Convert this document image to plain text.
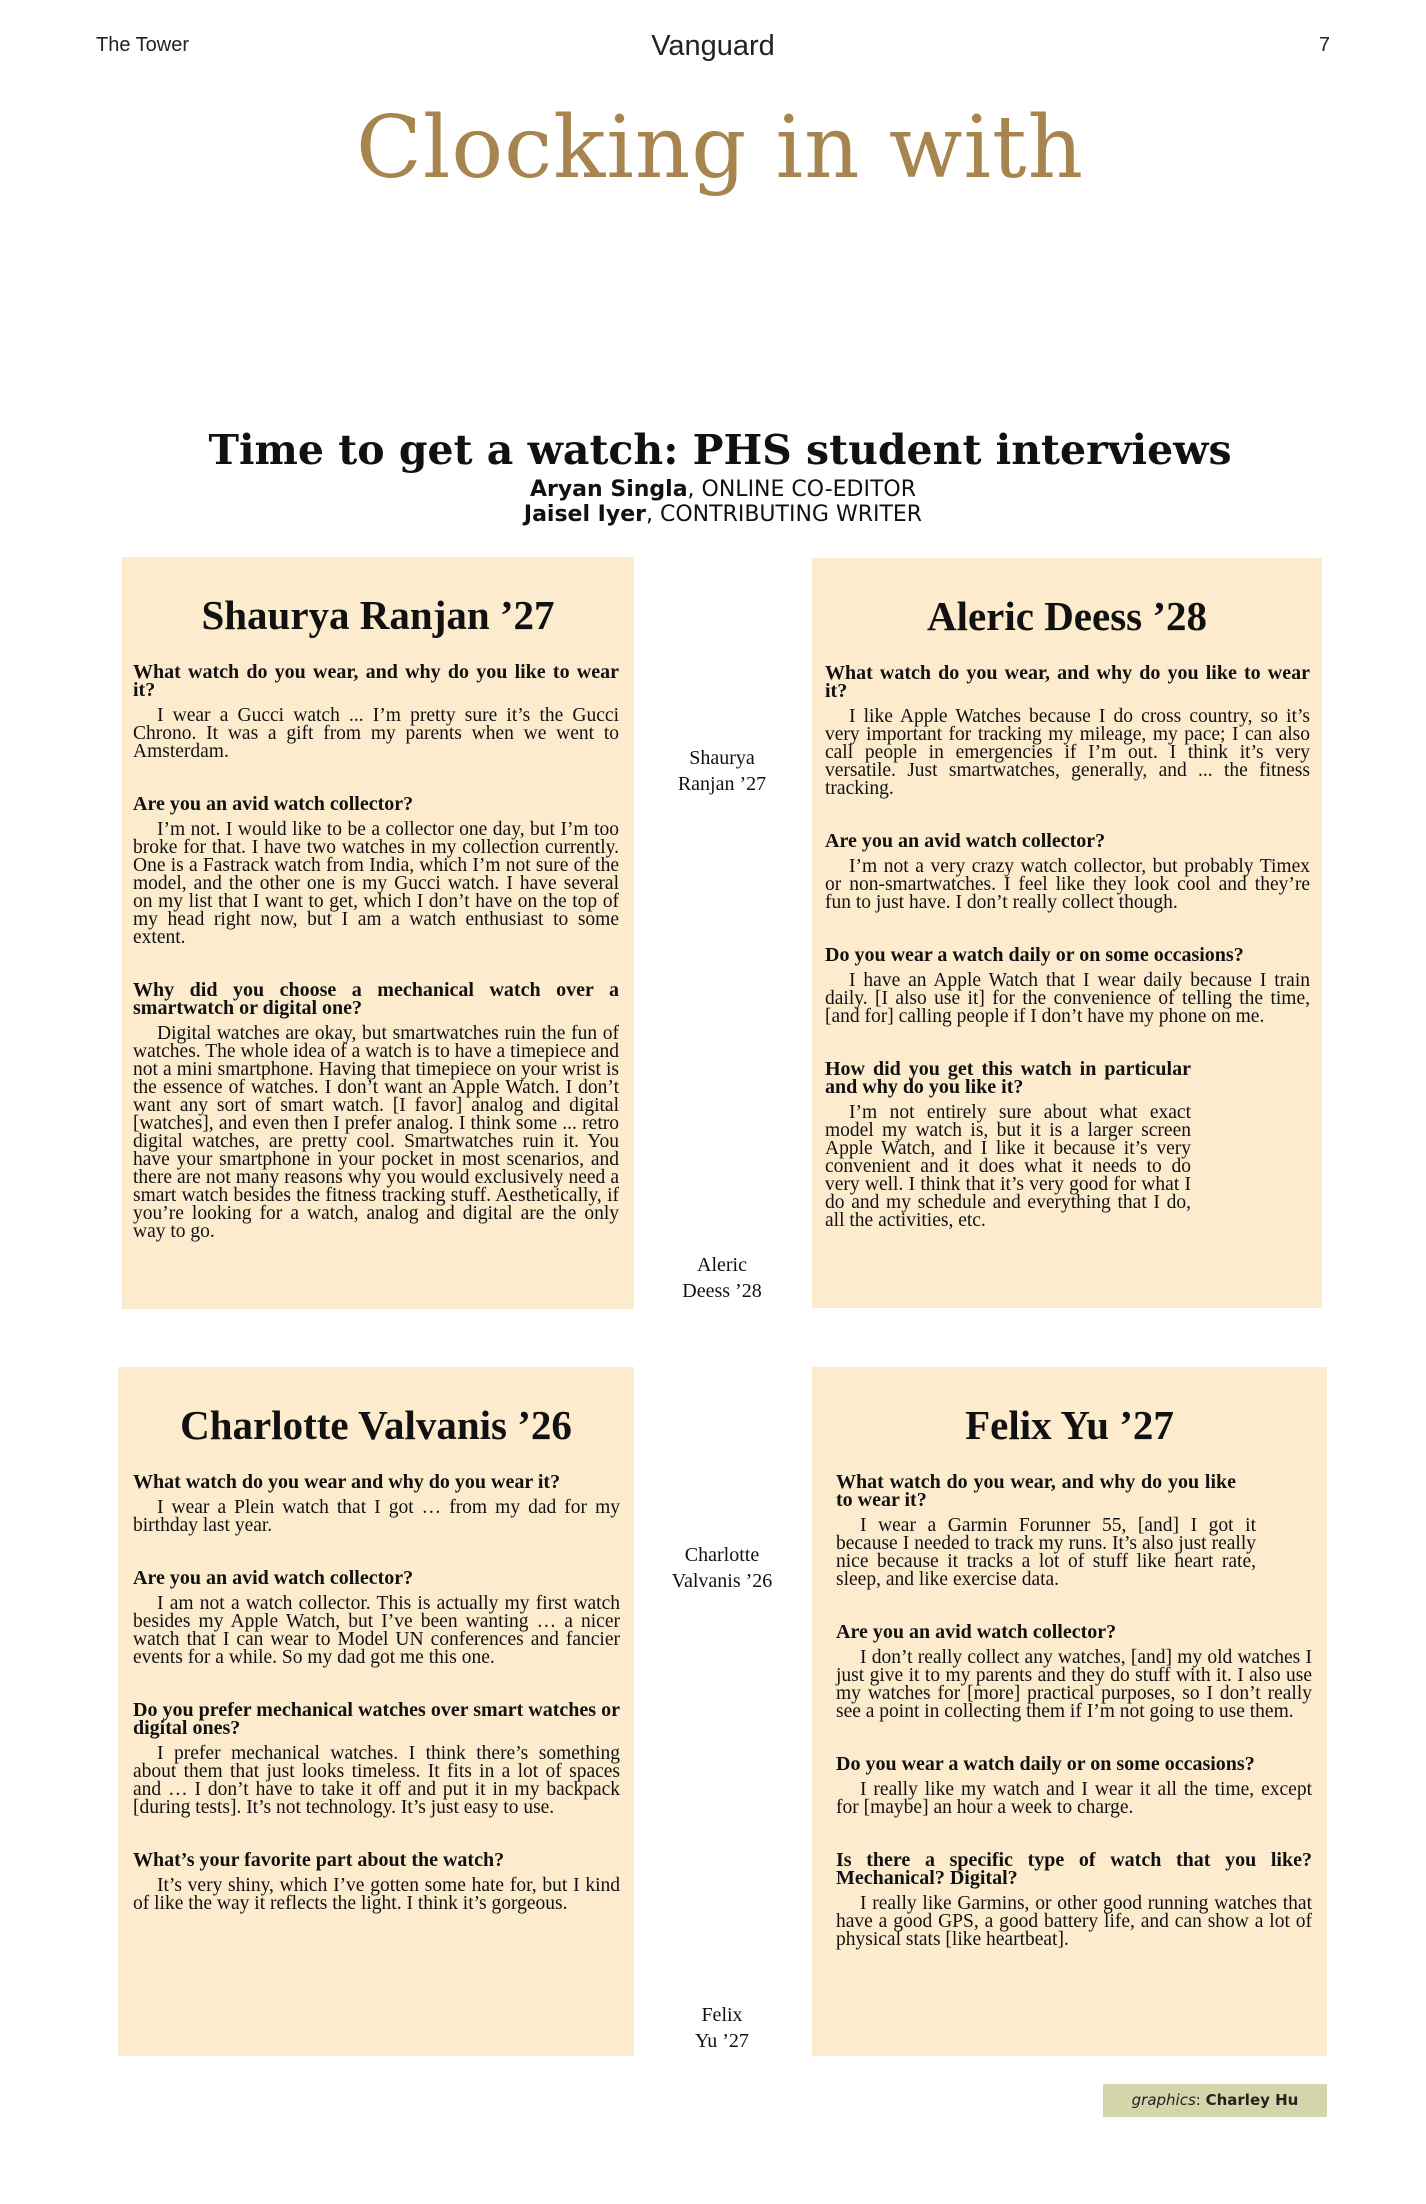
The Tower	Vanguard	7
Clocking in with
Time to get a watch: PHS student interviews
Aryan Singla, ONLINE CO-EDITOR
Jaisel Iyer, CONTRIBUTING WRITER
Shaurya Ranjan ’27

What watch do you wear, and why do you like to wear it?

I wear a Gucci watch ... I’m pretty sure it’s the Gucci Chrono. It was a gift from my parents when we went to Amsterdam.

Are you an avid watch collector?

I’m not. I would like to be a collector one day, but I’m too broke for that. I have two watches in my collection currently. One is a Fastrack watch from India, which I’m not sure of the model, and the other one is my Gucci watch. I have several on my list that I want to get, which I don’t have on the top of my head right now, but I am a watch enthusiast to some extent.

Why did you choose a mechanical watch over a smartwatch or digital one?

Digital watches are okay, but smartwatches ruin the fun of watches. The whole idea of a watch is to have a timepiece and not a mini smartphone. Having that timepiece on your wrist is the essence of watches. I don’t want an Apple Watch. I don’t want any sort of smart watch. [I favor] analog and digital [watches], and even then I prefer analog. I think some ... retro digital watches, are pretty cool. Smartwatches ruin it. You have your smartphone in your pocket in most scenarios, and there are not many reasons why you would exclusively need a smart watch besides the fitness tracking stuff. Aesthetically, if you’re looking for a watch, analog and digital are the only way to go.

Aleric Deess ’28

What watch do you wear, and why do you like to wear it?

I like Apple Watches because I do cross country, so it’s very important for tracking my mileage, my pace; I can also call people in emergencies if I’m out. I think it’s very versatile. Just smartwatches, generally, and ... the fitness tracking.

Are you an avid watch collector?

I’m not a very crazy watch collector, but probably Timex or non-smartwatches. I feel like they look cool and they’re fun to just have. I don’t really collect though.

Do you wear a watch daily or on some occasions?

I have an Apple Watch that I wear daily because I train daily. [I also use it] for the convenience of telling the time, [and for] calling people if I don’t have my phone on me.

How did you get this watch in particular and why do you like it?

I’m not entirely sure about what exact model my watch is, but it is a larger screen Apple Watch, and I like it because it’s very convenient and it does what it needs to do very well. I think that it’s very good for what I do and my schedule and everything that I do, all the activities, etc.

Charlotte Valvanis ’26

What watch do you wear and why do you wear it?

I wear a Plein watch that I got … from my dad for my birthday last year.

Are you an avid watch collector?

I am not a watch collector. This is actually my first watch besides my Apple Watch, but I’ve been wanting … a nicer watch that I can wear to Model UN conferences and fancier events for a while. So my dad got me this one.

Do you prefer mechanical watches over smart watches or digital ones?

I prefer mechanical watches. I think there’s something about them that just looks timeless. It fits in a lot of spaces and … I don’t have to take it off and put it in my backpack [during tests]. It’s not technology. It’s just easy to use.

What’s your favorite part about the watch?

It’s very shiny, which I’ve gotten some hate for, but I kind of like the way it reflects the light. I think it’s gorgeous.

Felix Yu ’27

What watch do you wear, and why do you like to wear it?

I wear a Garmin Forunner 55, [and] I got it because I needed to track my runs. It’s also just really nice because it tracks a lot of stuff like heart rate, sleep, and like exercise data.

Are you an avid watch collector?

I don’t really collect any watches, [and] my old watches I just give it to my parents and they do stuff with it. I also use my watches for [more] practical purposes, so I don’t really see a point in collecting them if I’m not going to use them.

Do you wear a watch daily or on some occasions?

I really like my watch and I wear it all the time, except for [maybe] an hour a week to charge.

Is there a specific type of watch that you like? Mechanical? Digital?

I really like Garmins, or other good running watches that have a good GPS, a good battery life, and can show a lot of physical stats [like heartbeat].

Shaurya
Ranjan ’27
Aleric
Deess ’28
Charlotte
Valvanis ’26
Felix
Yu ’27
graphics: Charley Hu
